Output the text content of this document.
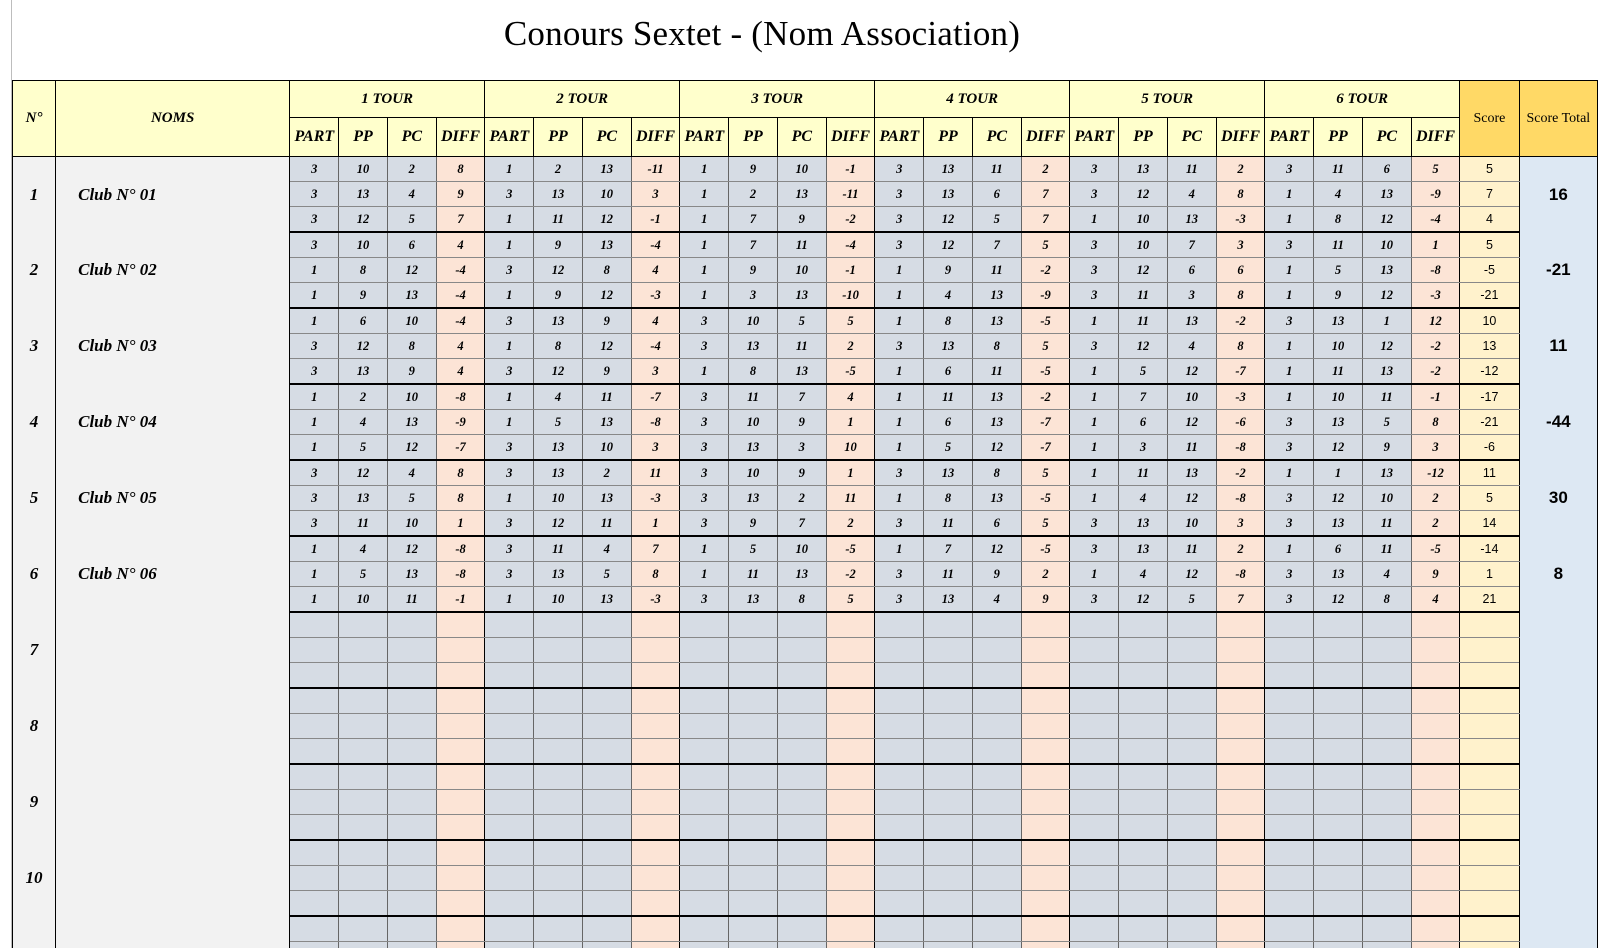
Conours Sextet - (Nom Association)
N°	NOMS	1 TOUR				2 TOUR				3 TOUR				4 TOUR				5 TOUR				6 TOUR				Score	Score Total
		PART	PP	PC	DIFF	PART	PP	PC	DIFF	PART	PP	PC	DIFF	PART	PP	PC	DIFF	PART	PP	PC	DIFF	PART	PP	PC	DIFF		
1	Club N° 01	3	10	2	8	1	2	13	-11	1	9	10	-1	3	13	11	2	3	13	11	2	3	11	6	5	5	16
		3	13	4	9	3	13	10	3	1	2	13	-11	3	13	6	7	3	12	4	8	1	4	13	-9	7	
		3	12	5	7	1	11	12	-1	1	7	9	-2	3	12	5	7	1	10	13	-3	1	8	12	-4	4	
2	Club N° 02	3	10	6	4	1	9	13	-4	1	7	11	-4	3	12	7	5	3	10	7	3	3	11	10	1	5	-21
		1	8	12	-4	3	12	8	4	1	9	10	-1	1	9	11	-2	3	12	6	6	1	5	13	-8	-5	
		1	9	13	-4	1	9	12	-3	1	3	13	-10	1	4	13	-9	3	11	3	8	1	9	12	-3	-21	
3	Club N° 03	1	6	10	-4	3	13	9	4	3	10	5	5	1	8	13	-5	1	11	13	-2	3	13	1	12	10	11
		3	12	8	4	1	8	12	-4	3	13	11	2	3	13	8	5	3	12	4	8	1	10	12	-2	13	
		3	13	9	4	3	12	9	3	1	8	13	-5	1	6	11	-5	1	5	12	-7	1	11	13	-2	-12	
4	Club N° 04	1	2	10	-8	1	4	11	-7	3	11	7	4	1	11	13	-2	1	7	10	-3	1	10	11	-1	-17	-44
		1	4	13	-9	1	5	13	-8	3	10	9	1	1	6	13	-7	1	6	12	-6	3	13	5	8	-21	
		1	5	12	-7	3	13	10	3	3	13	3	10	1	5	12	-7	1	3	11	-8	3	12	9	3	-6	
5	Club N° 05	3	12	4	8	3	13	2	11	3	10	9	1	3	13	8	5	1	11	13	-2	1	1	13	-12	11	30
		3	13	5	8	1	10	13	-3	3	13	2	11	1	8	13	-5	1	4	12	-8	3	12	10	2	5	
		3	11	10	1	3	12	11	1	3	9	7	2	3	11	6	5	3	13	10	3	3	13	11	2	14	
6	Club N° 06	1	4	12	-8	3	11	4	7	1	5	10	-5	1	7	12	-5	3	13	11	2	1	6	11	-5	-14	8
		1	5	13	-8	3	13	5	8	1	11	13	-2	3	11	9	2	1	4	12	-8	3	13	4	9	1	
		1	10	11	-1	1	10	13	-3	3	13	8	5	3	13	4	9	3	12	5	7	3	12	8	4	21	
7																											

8																											

9																											

10																											
